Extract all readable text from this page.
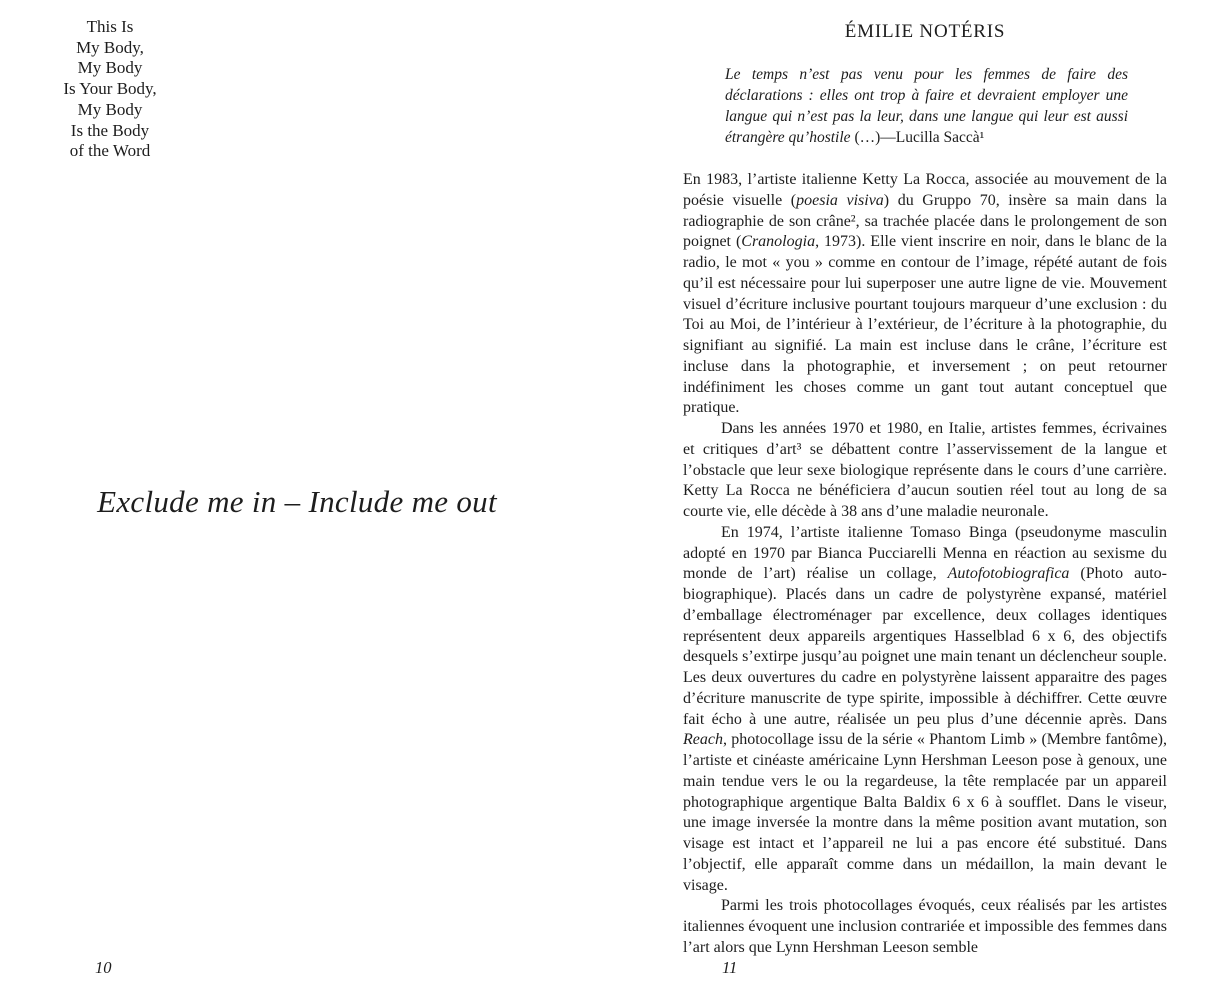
This Is
My Body,
My Body
Is Your Body,
My Body
Is the Body
of the Word
Exclude me in – Include me out
10
ÉMILIE NOTÉRIS
Le temps n’est pas venu pour les femmes de faire des déclarations : elles ont trop à faire et devraient employer une langue qui n’est pas la leur, dans une langue qui leur est aussi étrangère qu’hostile (…)—Lucilla Saccà¹

En 1983, l’artiste italienne Ketty La Rocca, associée au mouvement de la poésie visuelle (poesia visiva) du Gruppo 70, insère sa main dans la radiographie de son crâne², sa trachée placée dans le prolongement de son poignet (Cranologia, 1973). Elle vient inscrire en noir, dans le blanc de la radio, le mot « you » comme en contour de l’image, répété autant de fois qu’il est nécessaire pour lui superposer une autre ligne de vie. Mouvement visuel d’écriture inclusive pourtant toujours marqueur d’une exclusion : du Toi au Moi, de l’intérieur à l’extérieur, de l’écriture à la photographie, du signifiant au signifié. La main est incluse dans le crâne, l’écriture est incluse dans la photographie, et inversement ; on peut retourner indéfiniment les choses comme un gant tout autant conceptuel que pratique.

Dans les années 1970 et 1980, en Italie, artistes femmes, écrivaines et critiques d’art³ se débattent contre l’asservissement de la langue et l’obstacle que leur sexe biologique représente dans le cours d’une carrière. Ketty La Rocca ne bénéficiera d’aucun soutien réel tout au long de sa courte vie, elle décède à 38 ans d’une maladie neuronale.

En 1974, l’artiste italienne Tomaso Binga (pseudonyme masculin adopté en 1970 par Bianca Pucciarelli Menna en réaction au sexisme du monde de l’art) réalise un collage, Autofotobiografica (Photo auto-biographique). Placés dans un cadre de polystyrène expansé, matériel d’emballage électroménager par excellence, deux collages identiques représentent deux appareils argentiques Hasselblad 6 x 6, des objectifs desquels s’extirpe jusqu’au poignet une main tenant un déclencheur souple. Les deux ouvertures du cadre en polystyrène laissent apparaitre des pages d’écriture manuscrite de type spirite, impossible à déchiffrer. Cette œuvre fait écho à une autre, réalisée un peu plus d’une décennie après. Dans Reach, photocollage issu de la série « Phantom Limb » (Membre fantôme), l’artiste et cinéaste américaine Lynn Hershman Leeson pose à genoux, une main tendue vers le ou la regardeuse, la tête remplacée par un appareil photographique argentique Balta Baldix 6 x 6 à soufflet. Dans le viseur, une image inversée la montre dans la même position avant mutation, son visage est intact et l’appareil ne lui a pas encore été substitué. Dans l’objectif, elle apparaît comme dans un médaillon, la main devant le visage.

Parmi les trois photocollages évoqués, ceux réalisés par les artistes italiennes évoquent une inclusion contrariée et impossible des femmes dans l’art alors que Lynn Hershman Leeson semble

11
